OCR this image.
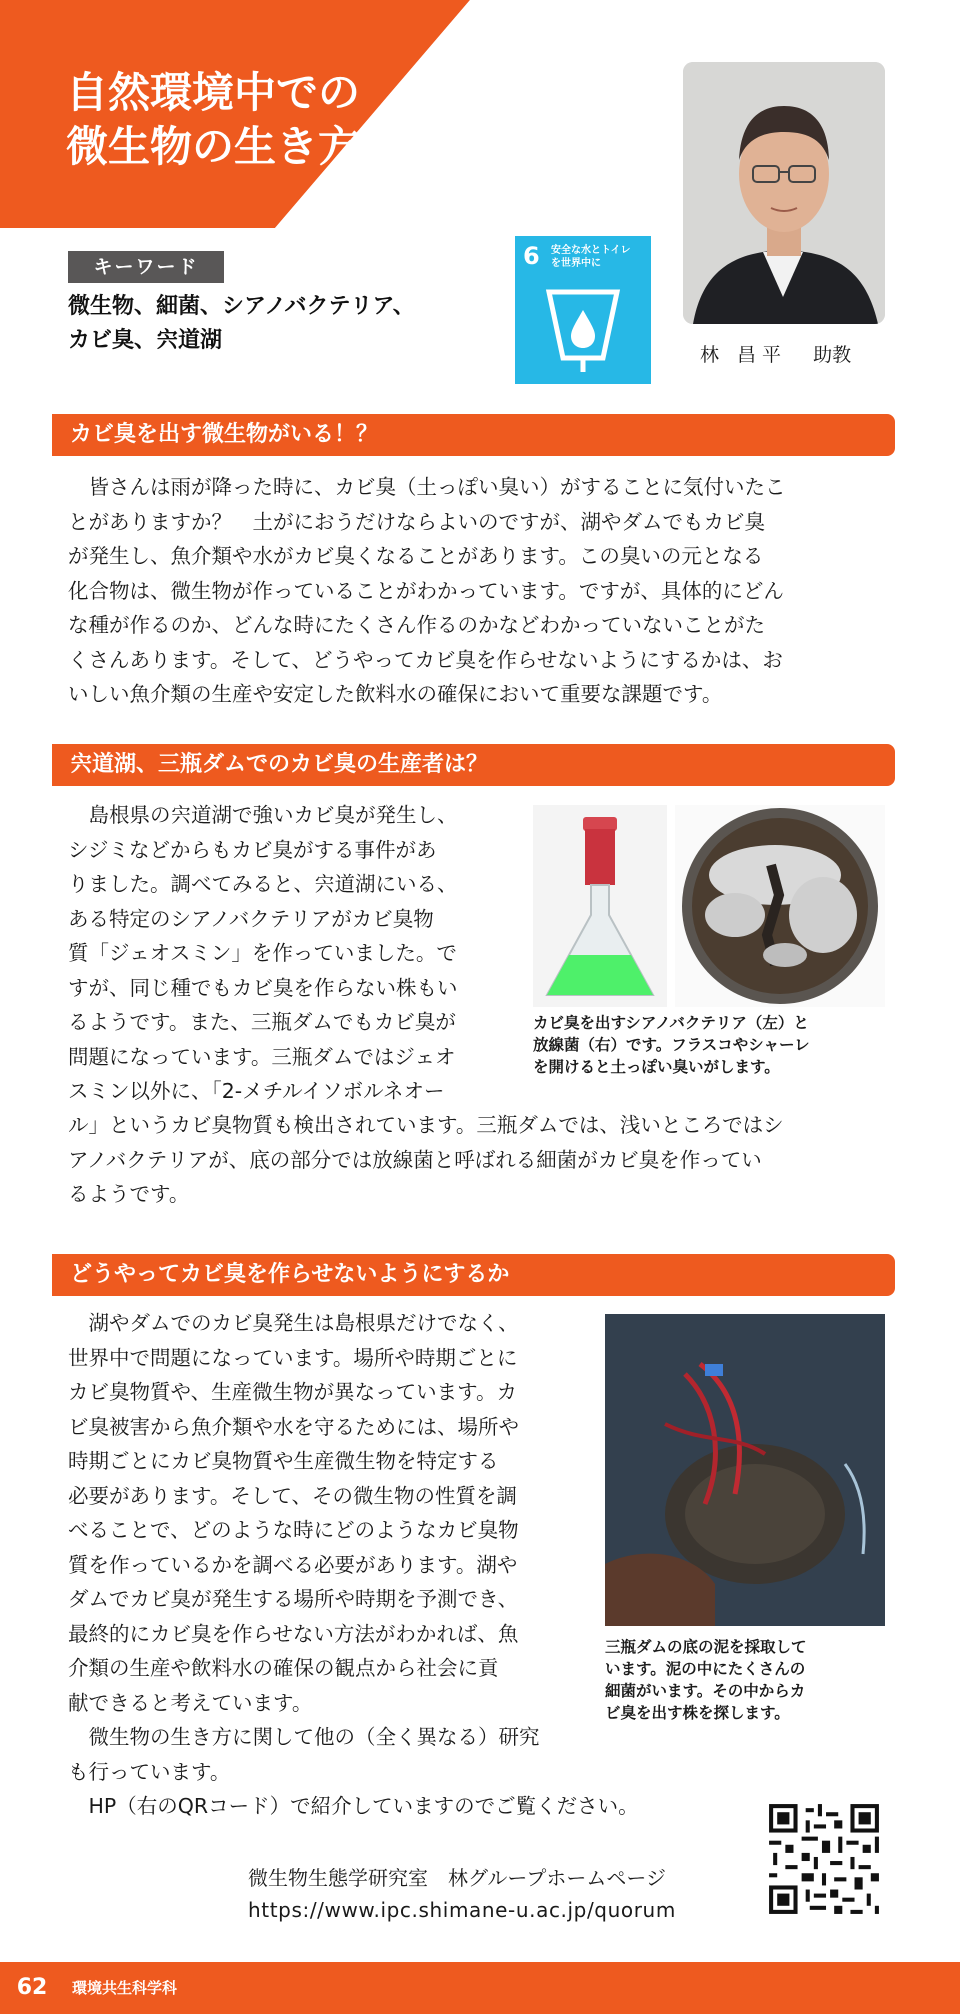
自然環境中での
微生物の生き方を知る
林 昌平 助教
キーワード
微生物、細菌、シアノバクテリア、
カビ臭、宍道湖
6 安全な水とトイレ
を世界中に
カビ臭を出す微生物がいる！？
　皆さんは雨が降った時に、カビ臭（土っぽい臭い）がすることに気付いたこ
とがありますか？　土がにおうだけならよいのですが、湖やダムでもカビ臭
が発生し、魚介類や水がカビ臭くなることがあります。この臭いの元となる
化合物は、微生物が作っていることがわかっています。ですが、具体的にどん
な種が作るのか、どんな時にたくさん作るのかなどわかっていないことがた
くさんあります。そして、どうやってカビ臭を作らせないようにするかは、お
いしい魚介類の生産や安定した飲料水の確保において重要な課題です。
宍道湖、三瓶ダムでのカビ臭の生産者は？
　島根県の宍道湖で強いカビ臭が発生し、
シジミなどからもカビ臭がする事件があ
りました。調べてみると、宍道湖にいる、
ある特定のシアノバクテリアがカビ臭物
質「ジェオスミン」を作っていました。で
すが、同じ種でもカビ臭を作らない株もい
るようです。また、三瓶ダムでもカビ臭が
問題になっています。三瓶ダムではジェオ
スミン以外に、「2-メチルイソボルネオー
ル」というカビ臭物質も検出されています。三瓶ダムでは、浅いところではシ
アノバクテリアが、底の部分では放線菌と呼ばれる細菌がカビ臭を作ってい
るようです。
カビ臭を出すシアノバクテリア（左）と
放線菌（右）です。フラスコやシャーレ
を開けると土っぽい臭いがします。
どうやってカビ臭を作らせないようにするか
　湖やダムでのカビ臭発生は島根県だけでなく、
世界中で問題になっています。場所や時期ごとに
カビ臭物質や、生産微生物が異なっています。カ
ビ臭被害から魚介類や水を守るためには、場所や
時期ごとにカビ臭物質や生産微生物を特定する
必要があります。そして、その微生物の性質を調
べることで、どのような時にどのようなカビ臭物
質を作っているかを調べる必要があります。湖や
ダムでカビ臭が発生する場所や時期を予測でき、
最終的にカビ臭を作らせない方法がわかれば、魚
介類の生産や飲料水の確保の観点から社会に貢
献できると考えています。
　微生物の生き方に関して他の（全く異なる）研究
も行っています。
　HP（右のQRコード）で紹介していますのでご覧ください。
三瓶ダムの底の泥を採取して
います。泥の中にたくさんの
細菌がいます。その中からカ
ビ臭を出す株を探します。
微生物生態学研究室　林グループホームページ
https://www.ipc.shimane-u.ac.jp/quorum
62	環境共生科学科
